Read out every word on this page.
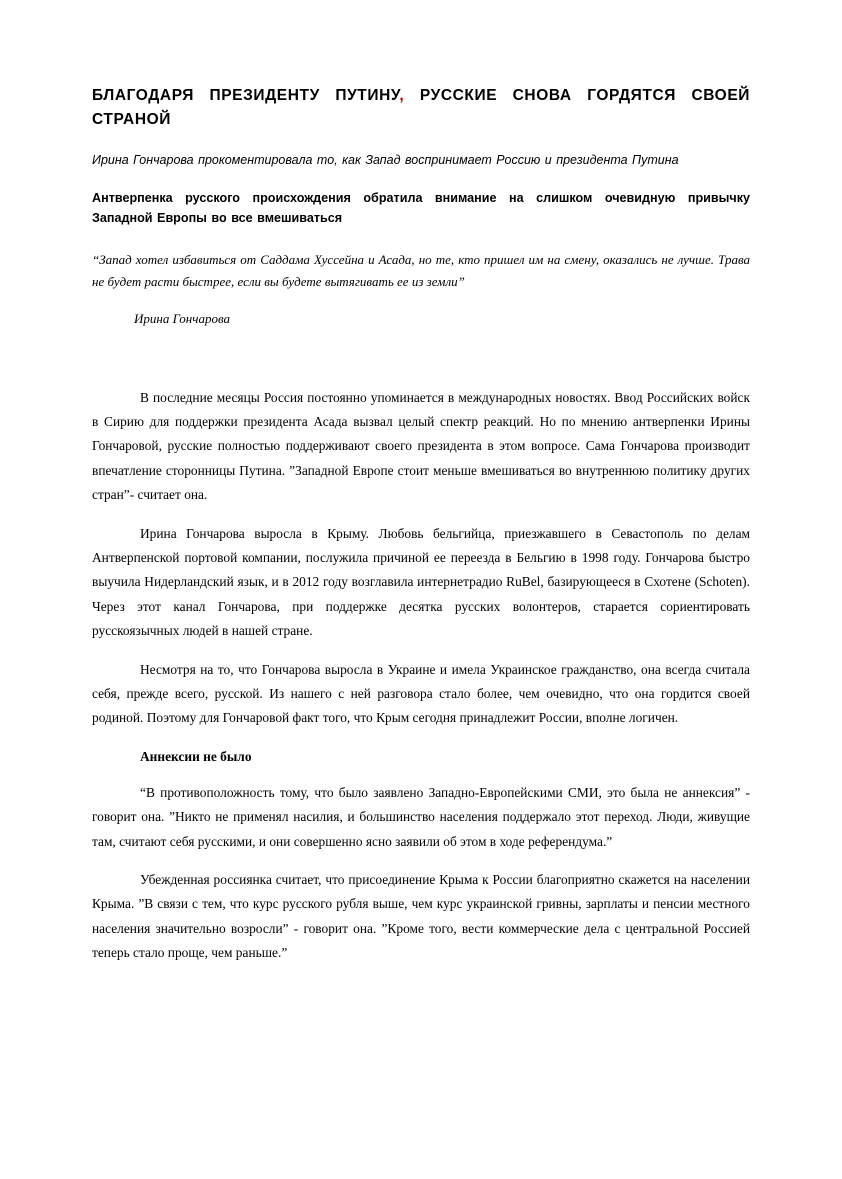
БЛАГОДАРЯ ПРЕЗИДЕНТУ ПУТИНУ, РУССКИЕ СНОВА ГОРДЯТСЯ СВОЕЙ СТРАНОЙ

Ирина Гончарова прокоментировала то, как Запад воспринимает Россию и президента Путина

Антверпенка русского происхождения обратила внимание на слишком очевидную привычку Западной Европы во все вмешиваться

“Запад хотел избавиться от Саддама Хуссейна и Асада, но те, кто пришел им на смену, оказались не лучше. Трава не будет расти быстрее, если вы будете вытягивать ее из земли”

Ирина Гончарова

В последние месяцы Россия постоянно упоминается в международных новостях. Ввод Российских войск в Сирию для поддержки президента Асада вызвал целый спектр реакций. Но по мнению антверпенки Ирины Гончаровой, русские полностью поддерживают своего президента в этом вопросе. Сама Гончарова производит впечатление сторонницы Путина. ”Западной Европе стоит меньше вмешиваться во внутреннюю политику других стран”- считает она.

Ирина Гончарова выросла в Крыму. Любовь бельгийца, приезжавшего в Севастополь по делам Антверпенской портовой компании, послужила причиной ее переезда в Бельгию в 1998 году. Гончарова быстро выучила Нидерландский язык, и в 2012 году возглавила интернетрадио RuBel, базирующееся в Схотене (Schoten). Через этот канал Гончарова, при поддержке десятка русских волонтеров, старается сориентировать русскоязычных людей в нашей стране.

Несмотря на то, что Гончарова выросла в Украине и имела Украинское гражданство, она всегда считала себя, прежде всего, русской. Из нашего с ней разговора стало более, чем очевидно, что она гордится своей родиной. Поэтому для Гончаровой факт того, что Крым сегодня принадлежит России, вполне логичен.

Аннексии не было

“В противоположность тому, что было заявлено Западно-Европейскими СМИ, это была не аннексия” - говорит она. ”Никто не применял насилия, и большинство населения поддержало этот переход. Люди, живущие там, считают себя русскими, и они совершенно ясно заявили об этом в ходе референдума.”

Убежденная россиянка считает, что присоединение Крыма к России благоприятно скажется на населении Крыма. ”В связи с тем, что курс русского рубля выше, чем курс украинской гривны, зарплаты и пенсии местного населения значительно возросли” - говорит она. ”Кроме того, вести коммерческие дела с центральной Россией теперь стало проще, чем раньше.”
